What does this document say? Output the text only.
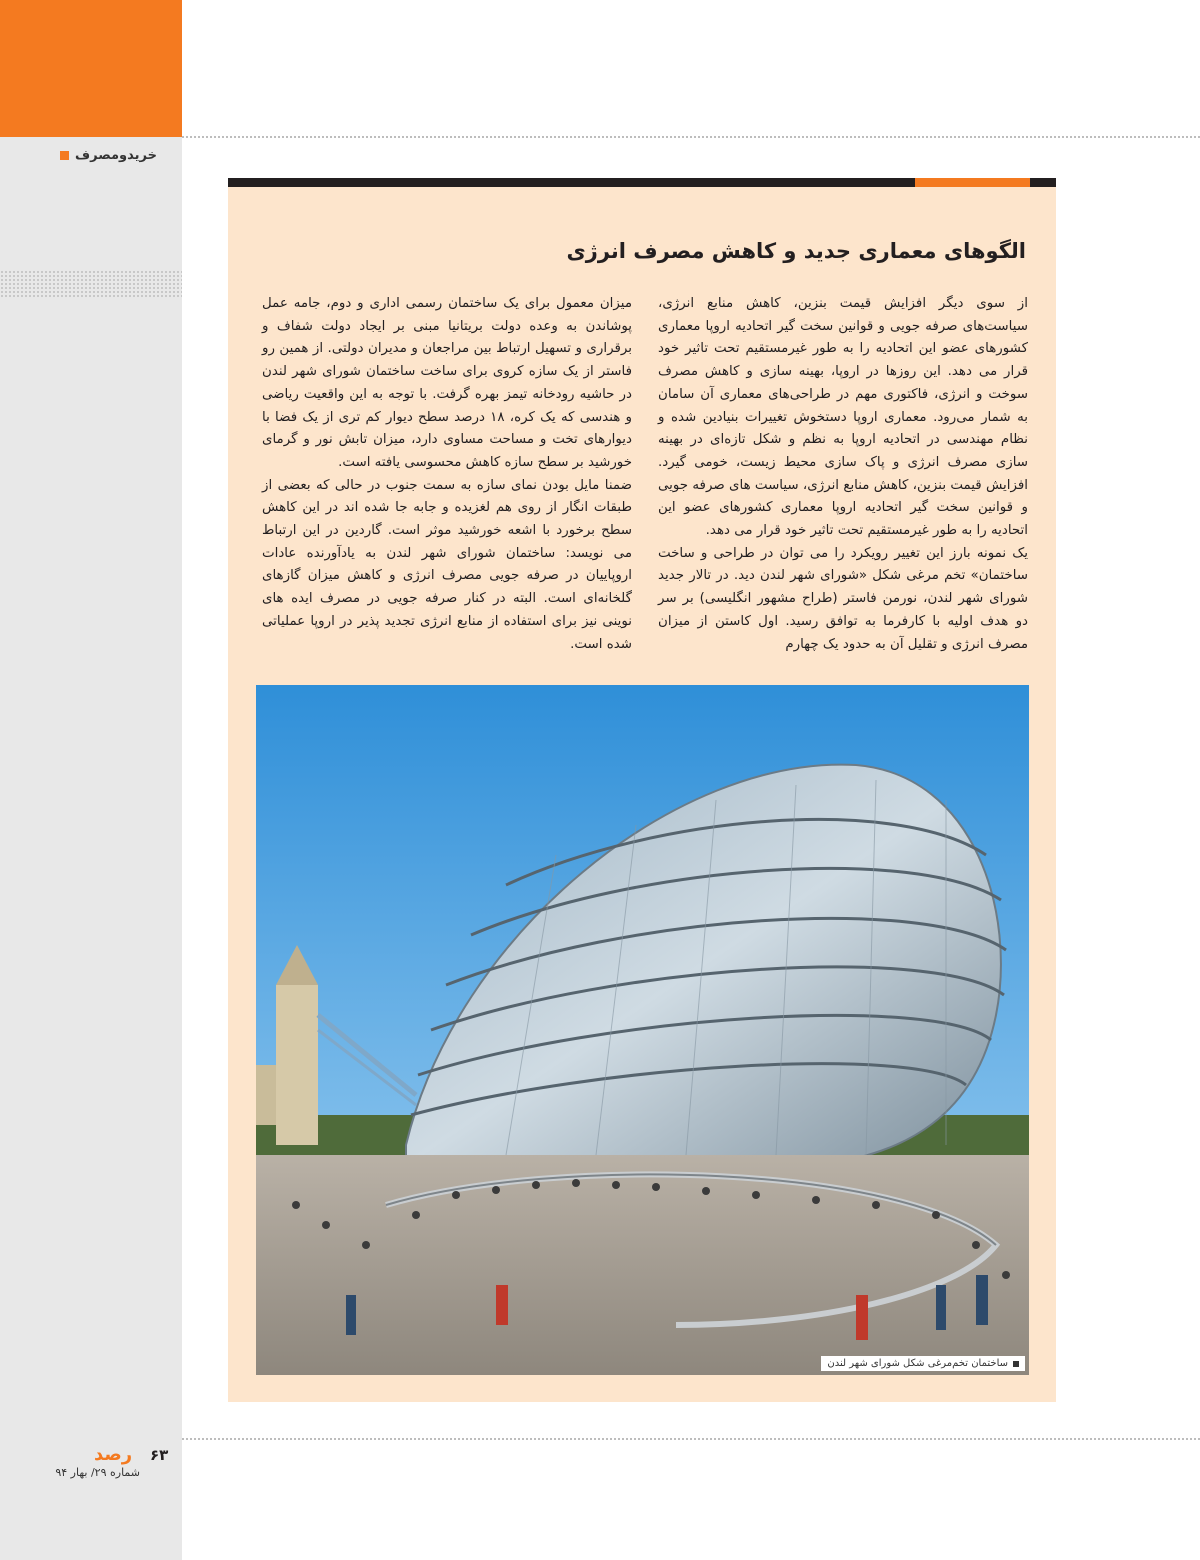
خریدومصرف
الگوهای معماری جدید و کاهش مصرف انرژی

از سوی دیگر افزایش قیمت بنزین، کاهش منابع انرژی، سیاست‌های صرفه جویی و قوانین سخت گیر اتحادیه اروپا معماری کشورهای عضو این اتحادیه را به طور غیرمستقیم تحت تاثیر خود قرار می دهد. این روزها در اروپا، بهینه سازی و کاهش مصرف سوخت و انرژی، فاکتوری مهم در طراحی‌های معماری آن سامان به شمار می‌رود. معماری اروپا دستخوش تغییرات بنیادین شده و نظام مهندسی در اتحادیه اروپا به نظم و شکل تازه‌ای در بهینه سازی مصرف انرژی و پاک سازی محیط زیست، خومی گیرد. افزایش قیمت بنزین، کاهش منابع انرژی، سیاست های صرفه جویی و قوانین سخت گیر اتحادیه اروپا معماری کشورهای عضو این اتحادیه را به طور غیرمستقیم تحت تاثیر خود قرار می دهد.

یک نمونه بارز این تغییر رویکرد را می توان در طراحی و ساخت ساختمان» تخم مرغی شکل «شورای شهر لندن دید. در تالار جدید شورای شهر لندن، نورمن فاستر (طراح مشهور انگلیسی) بر سر دو هدف اولیه با کارفرما به توافق رسید. اول کاستن از میزان مصرف انرژی و تقلیل آن به حدود یک چهارم

میزان معمول برای یک ساختمان رسمی اداری و دوم، جامه عمل پوشاندن به وعده دولت بریتانیا مبنی بر ایجاد دولت شفاف و برقراری و تسهیل ارتباط بین مراجعان و مدیران دولتی. از همین رو فاستر از یک سازه کروی برای ساخت ساختمان شورای شهر لندن در حاشیه رودخانه تیمز بهره گرفت. با توجه به این واقعیت ریاضی و هندسی که یک کره، ۱۸ درصد سطح دیوار کم تری از یک فضا با دیوارهای تخت و مساحت مساوی دارد، میزان تابش نور و گرمای خورشید بر سطح سازه کاهش محسوسی یافته است.

ضمنا مایل بودن نمای سازه به سمت جنوب در حالی که بعضی از طبقات انگار از روی هم لغزیده و جابه جا شده اند در این کاهش سطح برخورد با اشعه خورشید موثر است. گاردین در این ارتباط می نویسد: ساختمان شورای شهر لندن به یادآورنده عادات اروپاییان در صرفه جویی مصرف انرژی و کاهش میزان گازهای گلخانه‌ای است. البته در کنار صرفه جویی در مصرف ایده های نوینی نیز برای استفاده از منابع انرژی تجدید پذیر در اروپا عملیاتی شده است.

ساختمان تخم‌مرغی شکل شورای شهر لندن
رصد ۶۳
شماره ۲۹/ بهار ۹۴
